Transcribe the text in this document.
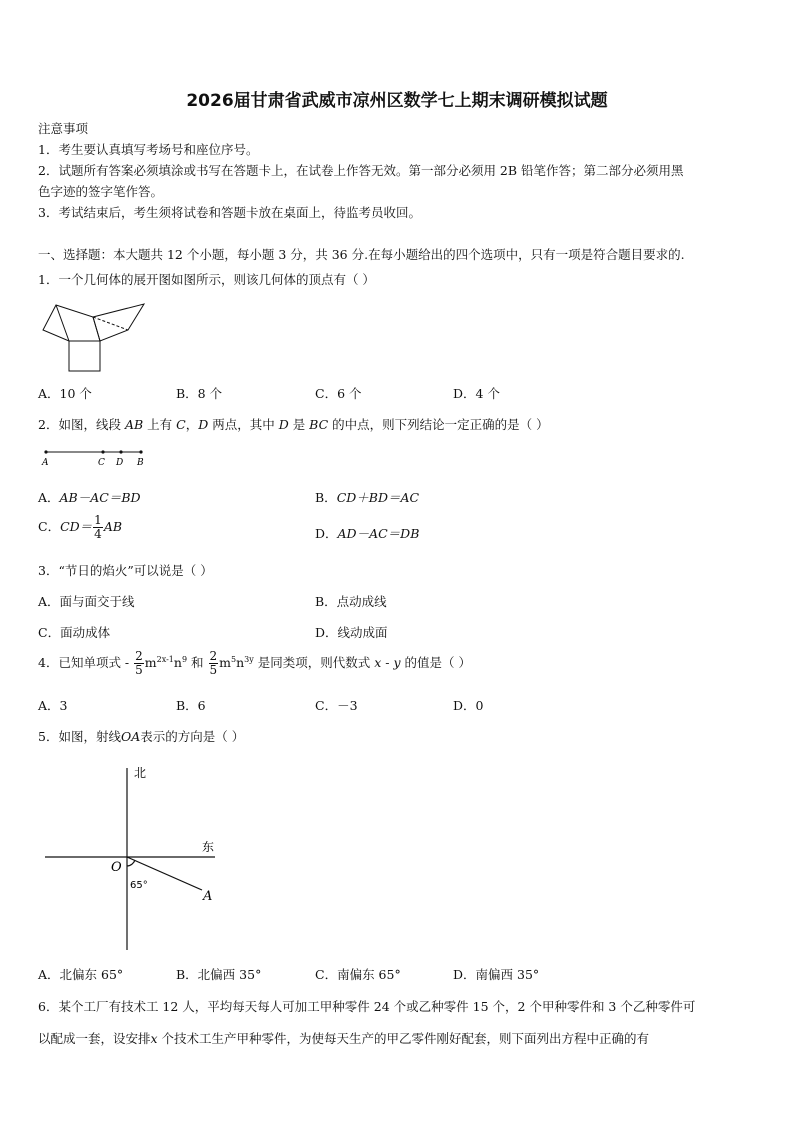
2026届甘肃省武威市凉州区数学七上期末调研模拟试题
注意事项
1．考生要认真填写考场号和座位序号。
2．试题所有答案必须填涂或书写在答题卡上，在试卷上作答无效。第一部分必须用 2B 铅笔作答；第二部分必须用黑
色字迹的签字笔作答。
3．考试结束后，考生须将试卷和答题卡放在桌面上，待监考员收回。
一、选择题：本大题共 12 个小题，每小题 3 分，共 36 分.在每小题给出的四个选项中，只有一项是符合题目要求的.
1．一个几何体的展开图如图所示，则该几何体的顶点有（ ）
A．10 个	B．8 个	C．6 个	D．4 个
2．如图，线段 AB 上有 C，D 两点，其中 D 是 BC 的中点，则下列结论一定正确的是（ ）
A	C D B
A．AB－AC＝BD	B．CD＋BD＝AC
C．$CD= \frac{1}{4}$ AB	D．AD－AC＝DB
3．“节日的焰火”可以说是（ ）
A．面与面交于线	B．点动成线
C．面动成体	D．线动成面
4．已知单项式 - $\frac{2}{5} m^{2x-1}n^9$ 和 $\frac{2}{5} m^5n^{3y}$ 是同类项，则代数式 x - y 的值是（ ）
A．3	B．6	C．－3	D．0
5．如图，射线OA表示的方向是（ ）
北
东
O
65°
A
A．北偏东 65°	B．北偏西 35°	C．南偏东 65°	D．南偏西 35°
6．某个工厂有技术工 12 人，平均每天每人可加工甲种零件 24 个或乙种零件 15 个，2 个甲种零件和 3 个乙种零件可
以配成一套，设安排x 个技术工生产甲种零件，为使每天生产的甲乙零件刚好配套，则下面列出方程中正确的有
